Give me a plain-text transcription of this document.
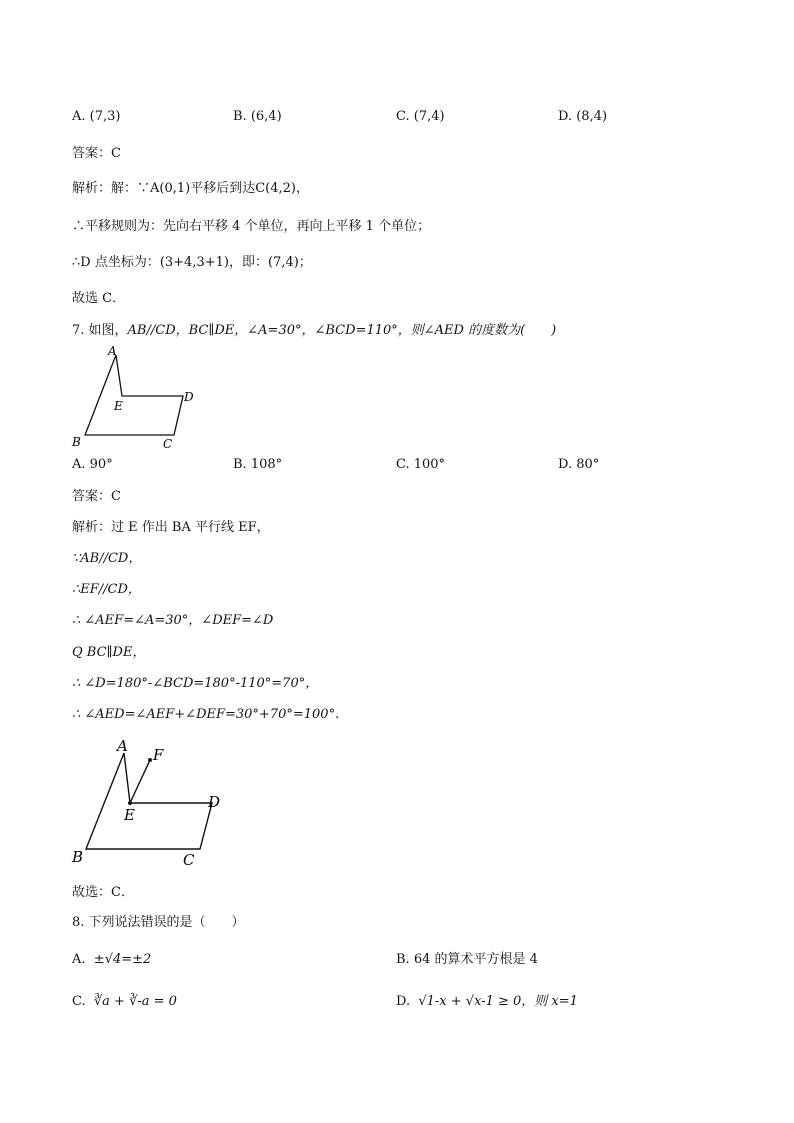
A. (7,3)	B. (6,4)	C. (7,4)	D. (8,4)
答案：C
解析：解：∵A(0,1)平移后到达C(4,2)，
∴平移规则为：先向右平移 4 个单位，再向上平移 1 个单位；
∴D 点坐标为：(3+4,3+1)，即：(7,4)；
故选 C．
7. 如图，AB//CD，BC∥DE，∠A=30°，∠BCD=110°，则∠AED 的度数为(　　)
A
E
D
B	C
A. 90°	B. 108°	C. 100°	D. 80°
答案：C
解析：过 E 作出 BA 平行线 EF，
∵AB//CD，
∴EF//CD，
∴ ∠AEF=∠A=30°，∠DEF=∠D
Q BC∥DE，
∴ ∠D=180°-∠BCD=180°-110°=70°，
∴ ∠AED=∠AEF+∠DEF=30°+70°=100°.
A F
E
D
B	C
故选：C．
8. 下列说法错误的是（　　）
A. ±√4=±2	B. 64 的算术平方根是 4
C. ∛a + ∛-a = 0	D. √1-x + √x-1 ≥ 0，则 x=1
